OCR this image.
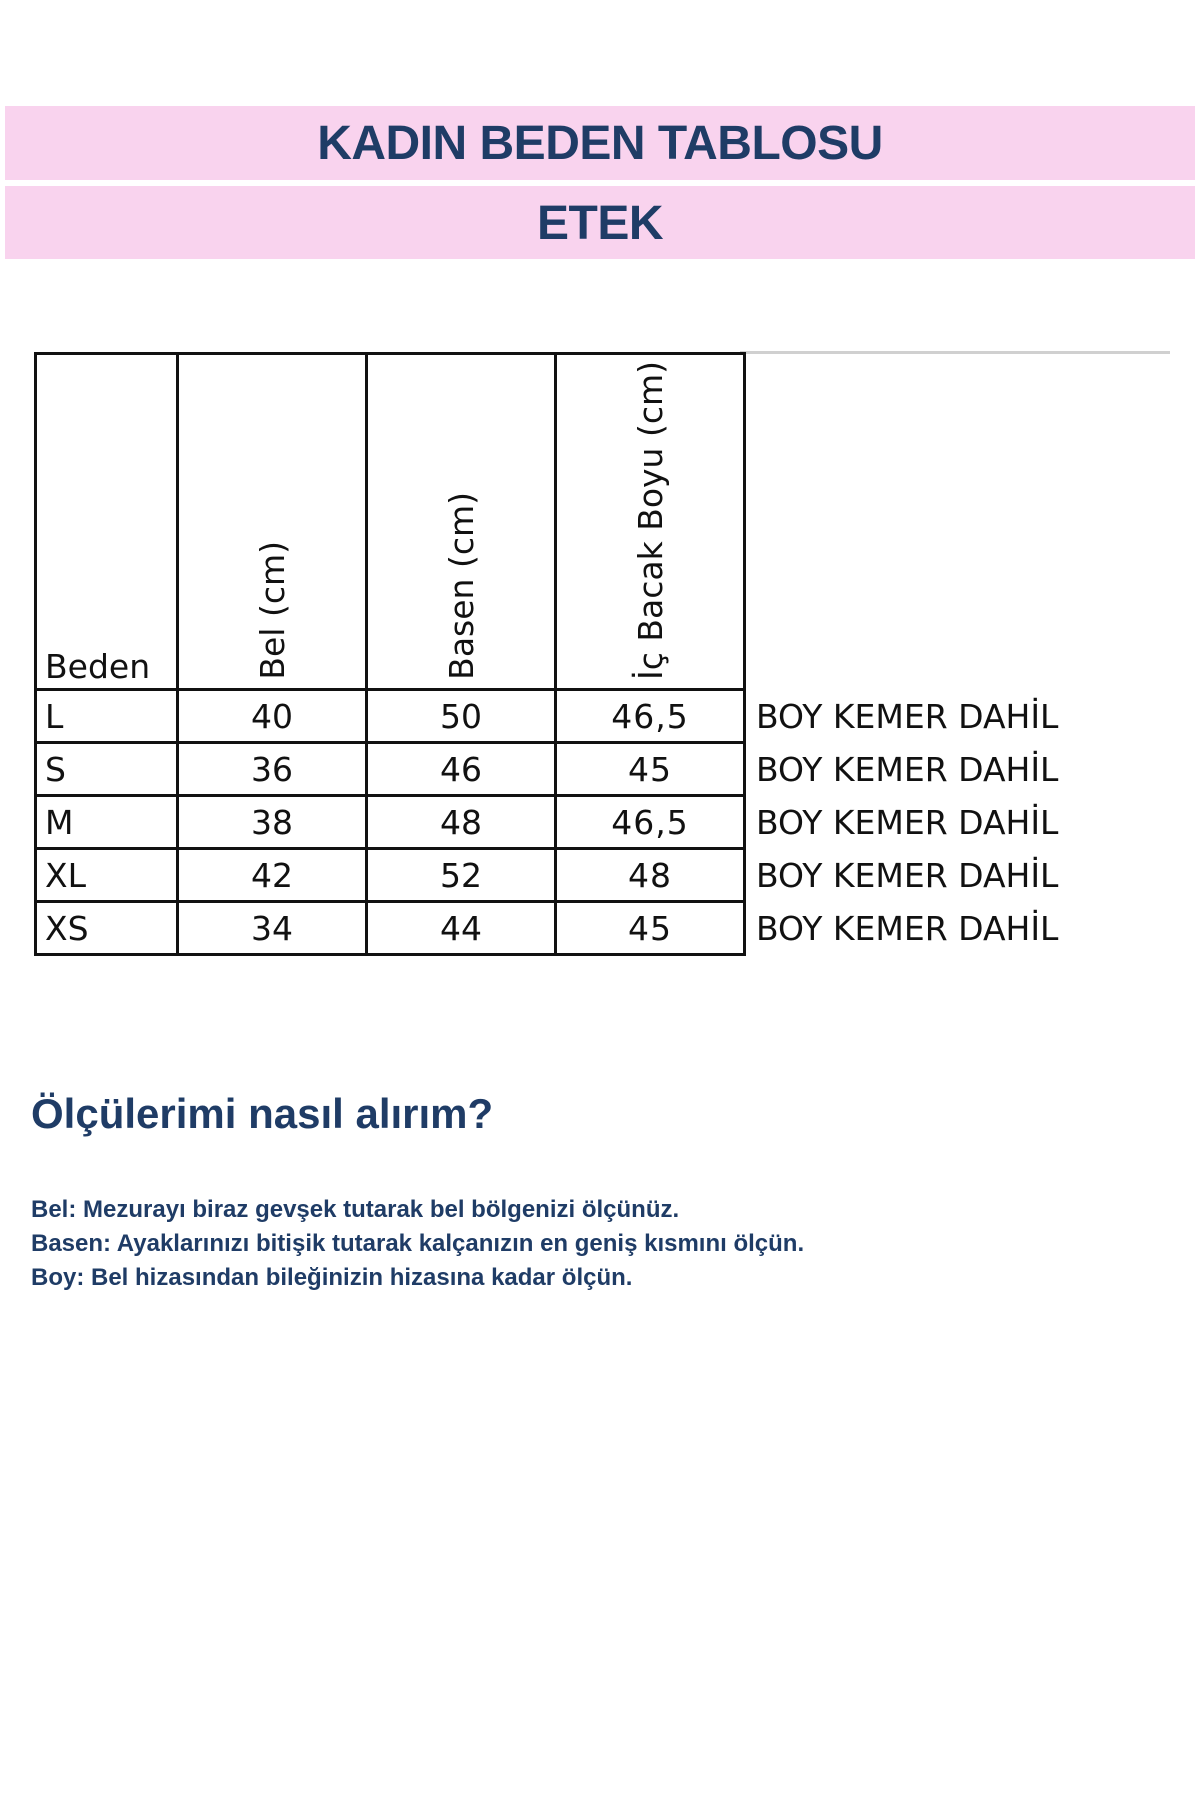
KADIN BEDEN TABLOSU
ETEK
Beden	Bel (cm)	Basen (cm)	İç Bacak Boyu (cm)	
L	40	50	46,5	BOY KEMER DAHİL
S	36	46	45	BOY KEMER DAHİL
M	38	48	46,5	BOY KEMER DAHİL
XL	42	52	48	BOY KEMER DAHİL
XS	34	44	45	BOY KEMER DAHİL
Ölçülerimi nasıl alırım?
Bel: Mezurayı biraz gevşek tutarak bel bölgenizi ölçünüz.
Basen: Ayaklarınızı bitişik tutarak kalçanızın en geniş kısmını ölçün.
Boy: Bel hizasından bileğinizin hizasına kadar ölçün.
